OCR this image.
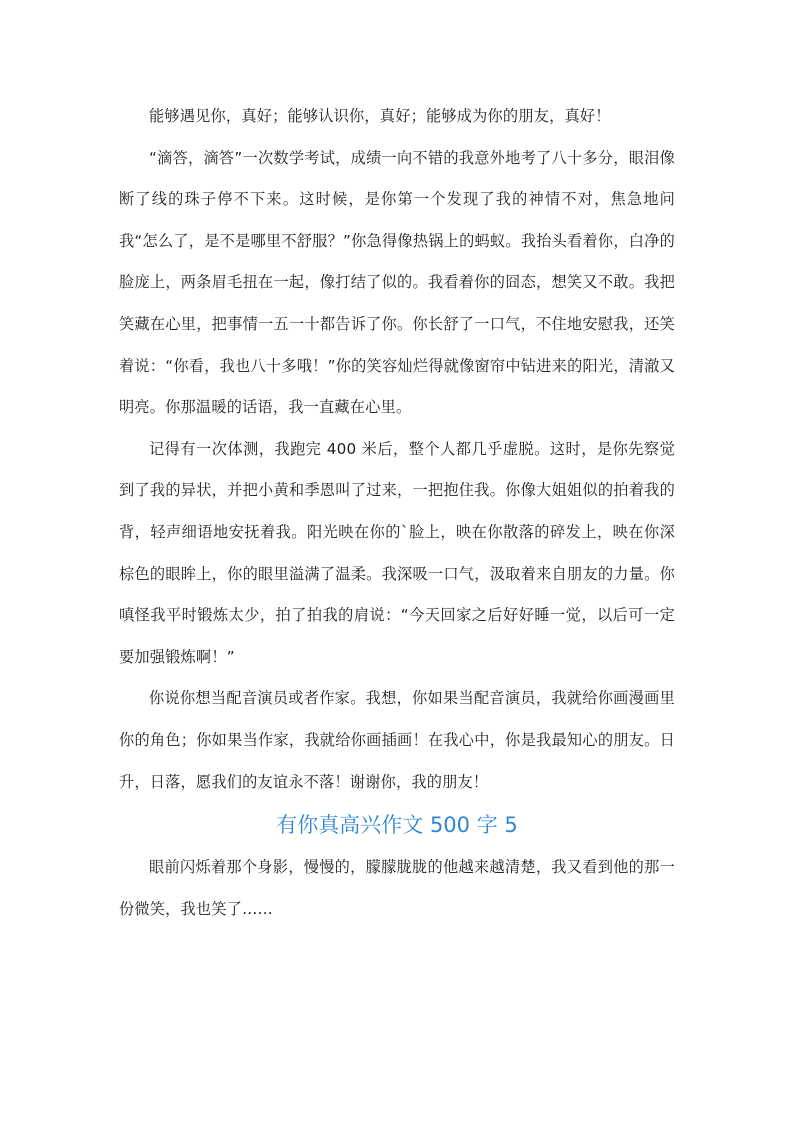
能够遇见你，真好；能够认识你，真好；能够成为你的朋友，真好！

“滴答，滴答”一次数学考试，成绩一向不错的我意外地考了八十多分，眼泪像断了线的珠子停不下来。这时候，是你第一个发现了我的神情不对，焦急地问我“怎么了，是不是哪里不舒服？”你急得像热锅上的蚂蚁。我抬头看着你，白净的脸庞上，两条眉毛扭在一起，像打结了似的。我看着你的囧态，想笑又不敢。我把笑藏在心里，把事情一五一十都告诉了你。你长舒了一口气，不住地安慰我，还笑着说：“你看，我也八十多哦！”你的笑容灿烂得就像窗帘中钻进来的阳光，清澈又明亮。你那温暖的话语，我一直藏在心里。

记得有一次体测，我跑完 400 米后，整个人都几乎虚脱。这时，是你先察觉到了我的异状，并把小黄和季恩叫了过来，一把抱住我。你像大姐姐似的拍着我的背，轻声细语地安抚着我。阳光映在你的`脸上，映在你散落的碎发上，映在你深棕色的眼眸上，你的眼里溢满了温柔。我深吸一口气，汲取着来自朋友的力量。你嗔怪我平时锻炼太少，拍了拍我的肩说：“今天回家之后好好睡一觉，以后可一定要加强锻炼啊！”

你说你想当配音演员或者作家。我想，你如果当配音演员，我就给你画漫画里你的角色；你如果当作家，我就给你画插画！在我心中，你是我最知心的朋友。日升，日落，愿我们的友谊永不落！谢谢你，我的朋友！

有你真高兴作文 500 字 5

眼前闪烁着那个身影，慢慢的，朦朦胧胧的他越来越清楚，我又看到他的那一份微笑，我也笑了……
